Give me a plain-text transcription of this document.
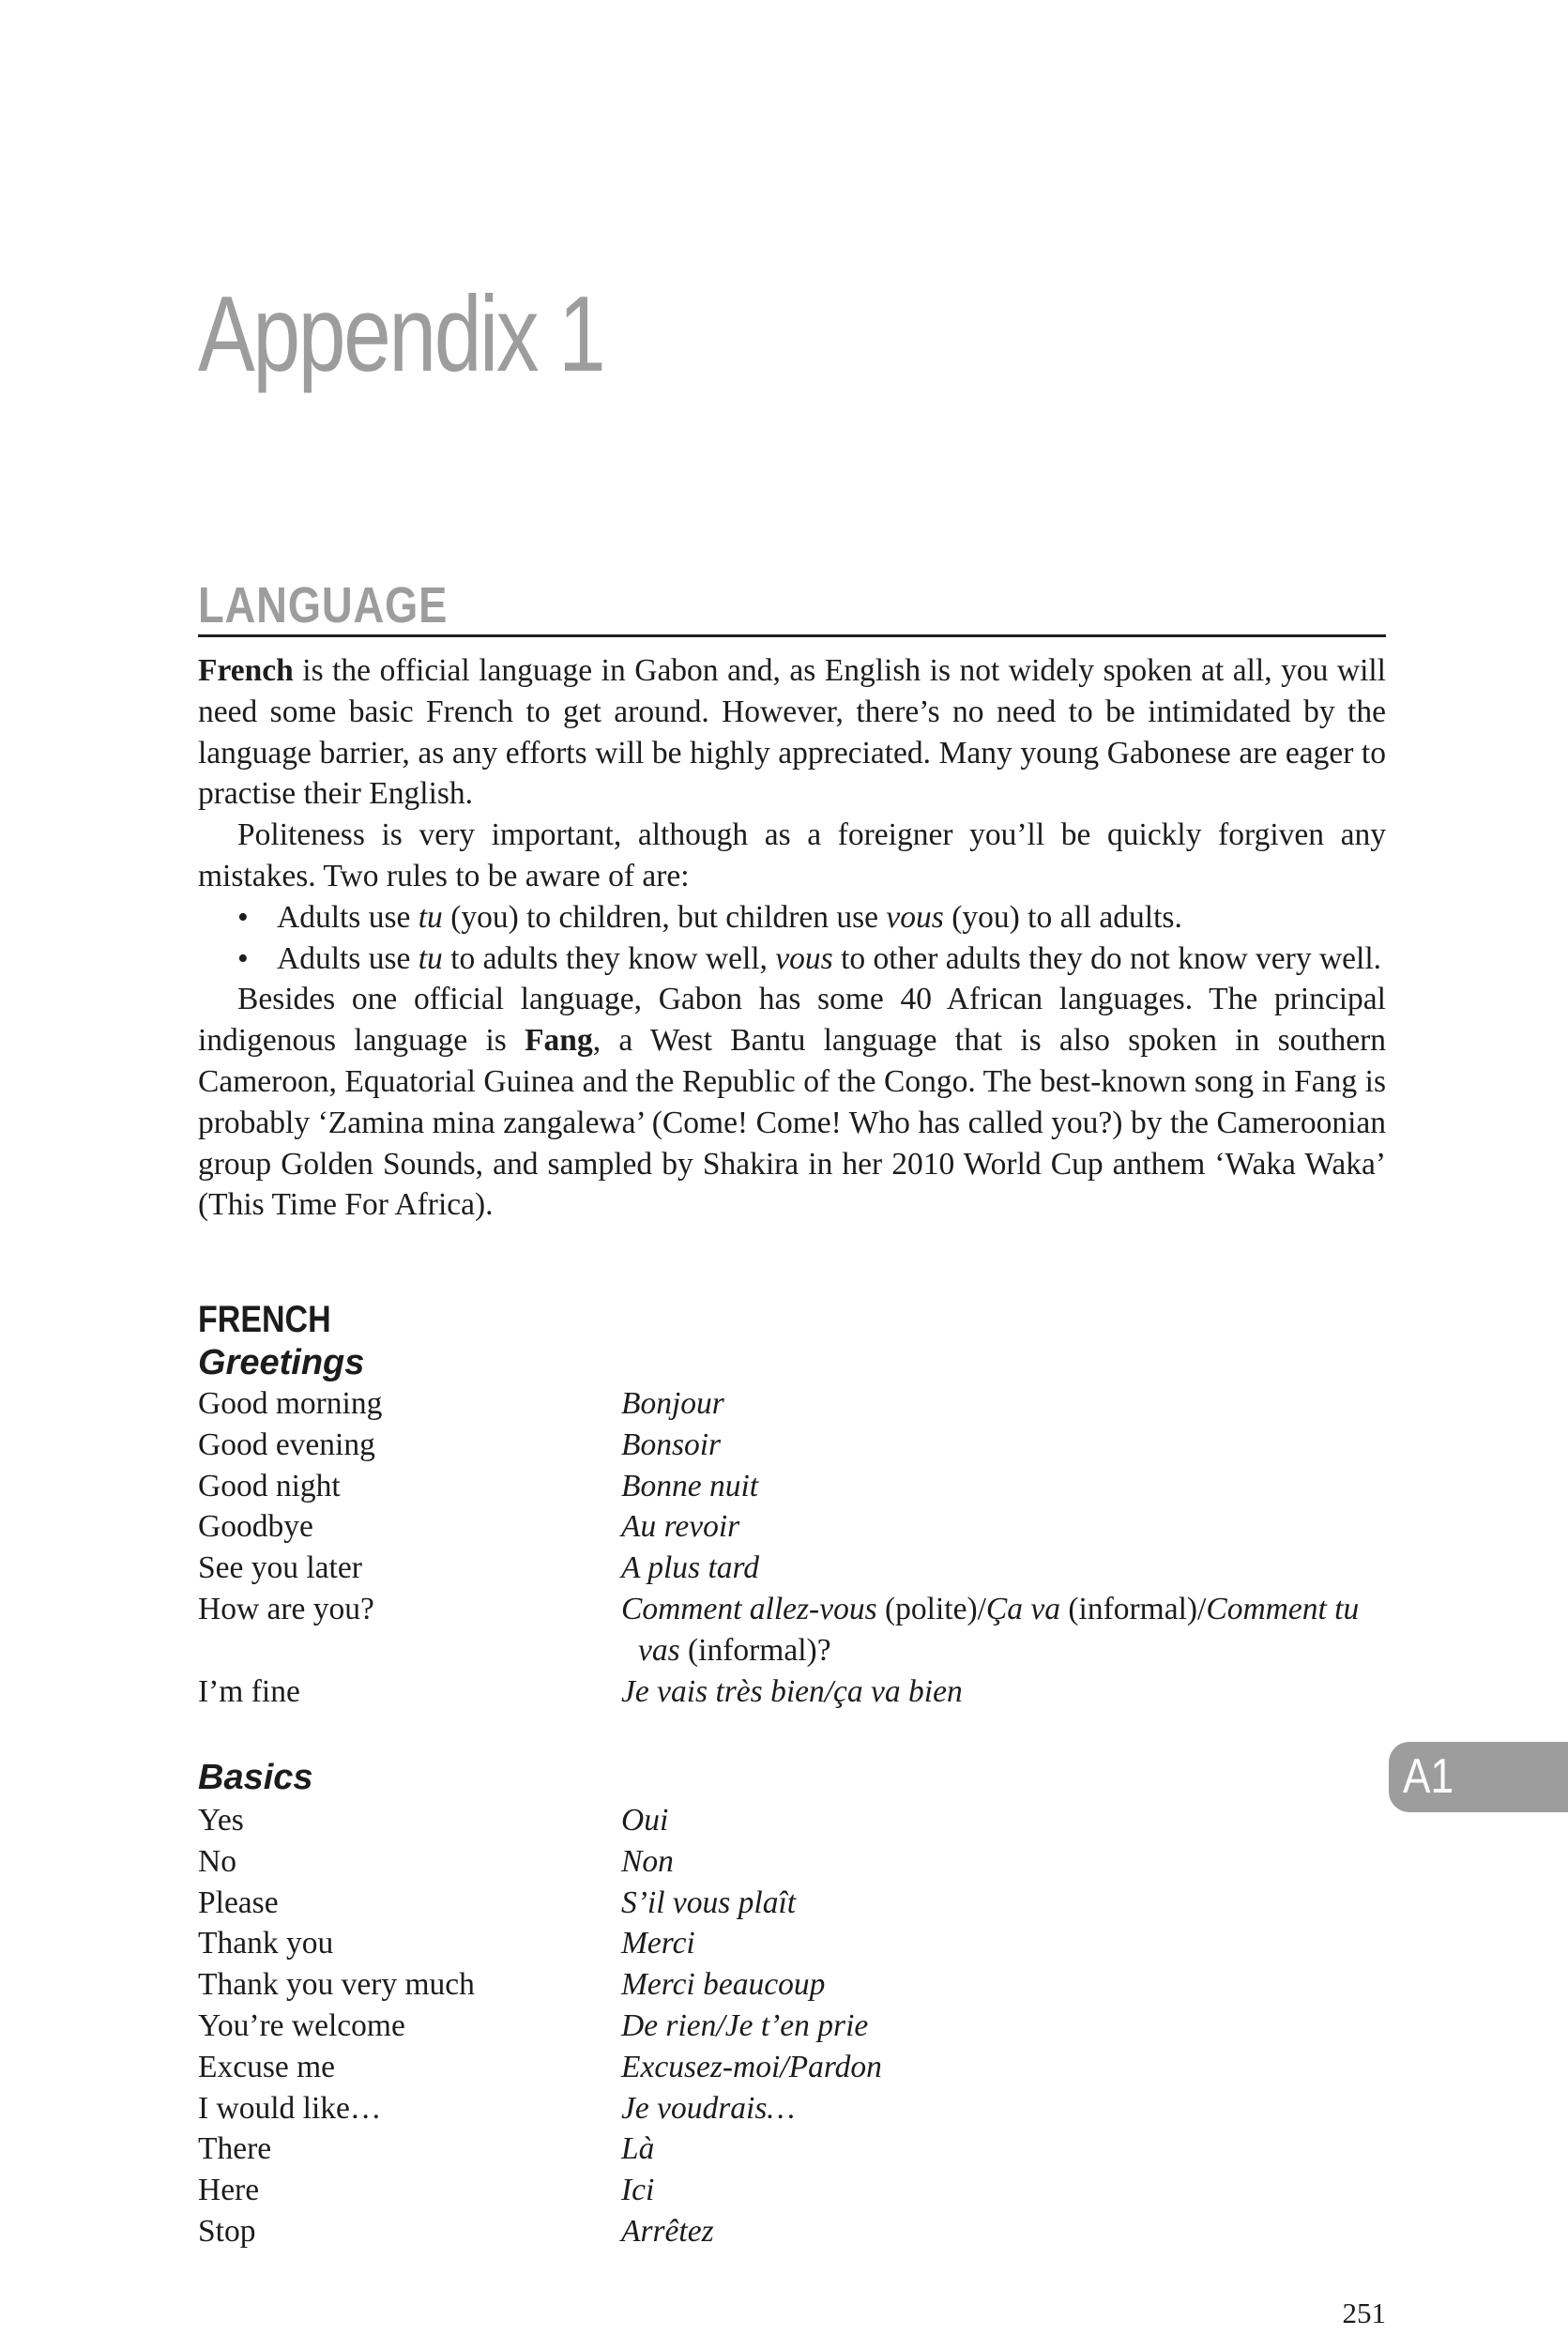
Appendix 1
LANGUAGE

French is the official language in Gabon and, as English is not widely spoken at all, you will need some basic French to get around. However, there’s no need to be intimidated by the language barrier, as any efforts will be highly appreciated. Many young Gabonese are eager to practise their English.

Politeness is very important, although as a foreigner you’ll be quickly forgiven any mistakes. Two rules to be aware of are:

• Adults use tu (you) to children, but children use vous (you) to all adults.
• Adults use tu to adults they know well, vous to other adults they do not know very well.

Besides one official language, Gabon has some 40 African languages. The principal indigenous language is Fang, a West Bantu language that is also spoken in southern Cameroon, Equatorial Guinea and the Republic of the Congo. The best-known song in Fang is probably ‘Zamina mina zangalewa’ (Come! Come! Who has called you?) by the Cameroonian group Golden Sounds, and sampled by Shakira in her 2010 World Cup anthem ‘Waka Waka’ (This Time For Africa).

FRENCH
Greetings
Good morning	Bonjour
Good evening	Bonsoir
Good night	Bonne nuit
Goodbye	Au revoir
See you later	A plus tard
How are you?	Comment allez-vous (polite)/Ça va (informal)/Comment tu vas (informal)?
I’m fine	Je vais très bien/ça va bien
Basics
Yes	Oui
No	Non
Please	S’il vous plaît
Thank you	Merci
Thank you very much	Merci beaucoup
You’re welcome	De rien/Je t’en prie
Excuse me	Excusez-moi/Pardon
I would like…	Je voudrais…
There	Là
Here	Ici
Stop	Arrêtez
A1
251
